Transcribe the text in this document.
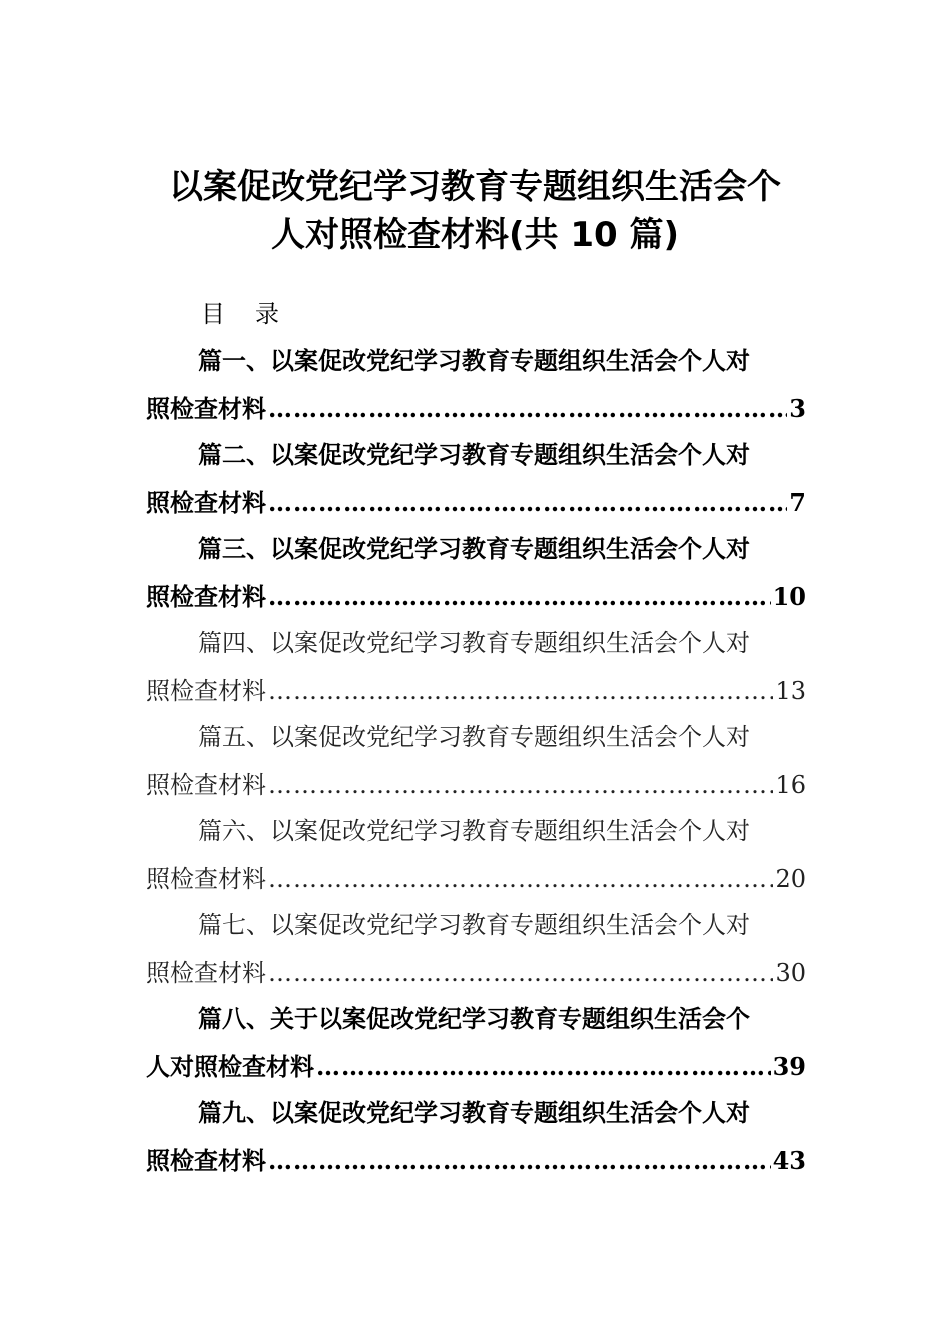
以案促改党纪学习教育专题组织生活会个
人对照检查材料(共 10 篇)
目 录
篇一、以案促改党纪学习教育专题组织生活会个人对
照检查材料 ……………………………………………………………………………………………………………………………………	3
篇二、以案促改党纪学习教育专题组织生活会个人对
照检查材料 ……………………………………………………………………………………………………………………………………	7
篇三、以案促改党纪学习教育专题组织生活会个人对
照检查材料 ……………………………………………………………………………………………………………………………………	10
篇四、以案促改党纪学习教育专题组织生活会个人对
照检查材料 ……………………………………………………………………………………………………………………………………	13
篇五、以案促改党纪学习教育专题组织生活会个人对
照检查材料 ……………………………………………………………………………………………………………………………………	16
篇六、以案促改党纪学习教育专题组织生活会个人对
照检查材料 ……………………………………………………………………………………………………………………………………	20
篇七、以案促改党纪学习教育专题组织生活会个人对
照检查材料 ……………………………………………………………………………………………………………………………………	30
篇八、关于以案促改党纪学习教育专题组织生活会个
人对照检查材料 ……………………………………………………………………………………………………………………………………	39
篇九、以案促改党纪学习教育专题组织生活会个人对
照检查材料 ……………………………………………………………………………………………………………………………………	43
